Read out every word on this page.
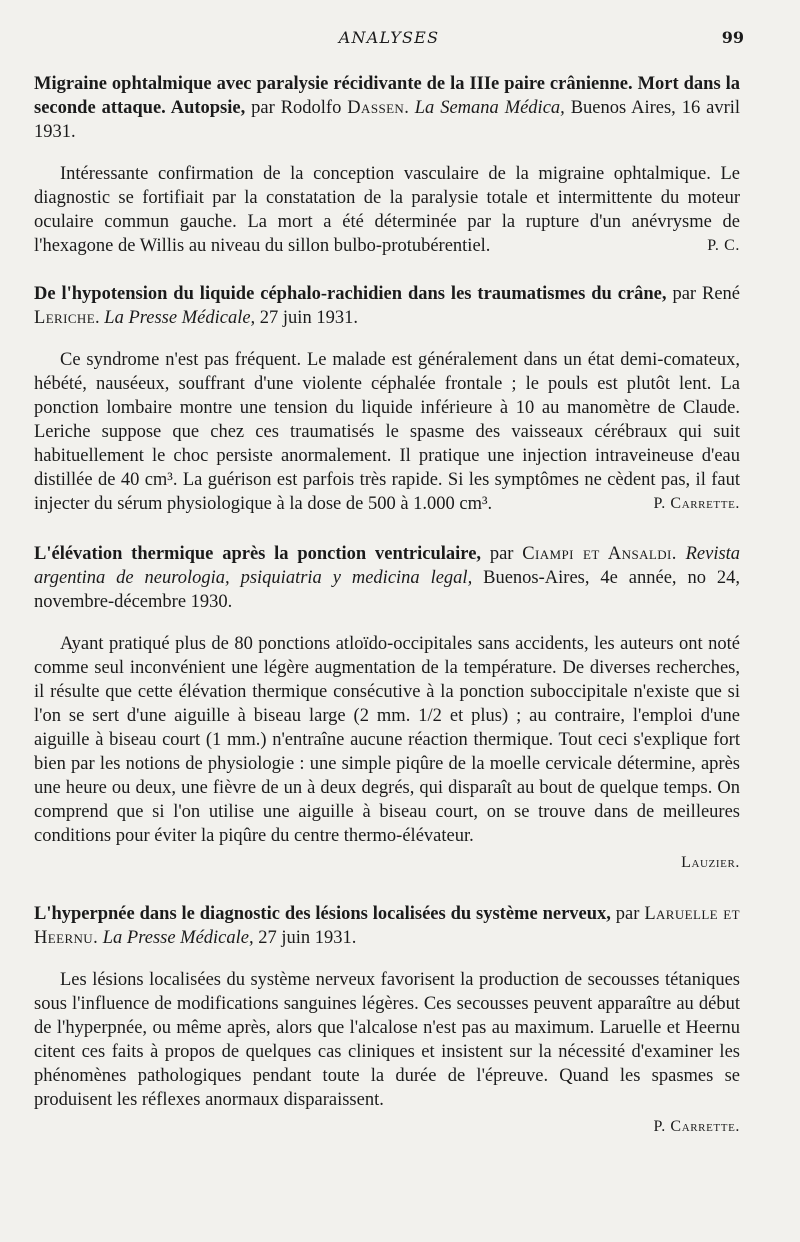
ANALYSES	99

Migraine ophtalmique avec paralysie récidivante de la IIIe paire crânienne. Mort dans la seconde attaque. Autopsie, par Rodolfo Dassen. La Semana Médica, Buenos Aires, 16 avril 1931.

Intéressante confirmation de la conception vasculaire de la migraine ophtalmique. Le diagnostic se fortifiait par la constatation de la paralysie totale et intermittente du moteur oculaire commun gauche. La mort a été déterminée par la rupture d'un anévrysme de l'hexagone de Willis au niveau du sillon bulbo-protubérentiel.	P. C.

De l'hypotension du liquide céphalo-rachidien dans les traumatismes du crâne, par René Leriche. La Presse Médicale, 27 juin 1931.

Ce syndrome n'est pas fréquent. Le malade est généralement dans un état demi-comateux, hébété, nauséeux, souffrant d'une violente céphalée frontale ; le pouls est plutôt lent. La ponction lombaire montre une tension du liquide inférieure à 10 au manomètre de Claude. Leriche suppose que chez ces traumatisés le spasme des vaisseaux cérébraux qui suit habituellement le choc persiste anormalement. Il pratique une injection intraveineuse d'eau distillée de 40 cm³. La guérison est parfois très rapide. Si les symptômes ne cèdent pas, il faut injecter du sérum physiologique à la dose de 500 à 1.000 cm³.	P. Carrette.

L'élévation thermique après la ponction ventriculaire, par Ciampi et Ansaldi. Revista argentina de neurologia, psiquiatria y medicina legal, Buenos-Aires, 4e année, no 24, novembre-décembre 1930.

Ayant pratiqué plus de 80 ponctions atloïdo-occipitales sans accidents, les auteurs ont noté comme seul inconvénient une légère augmentation de la température. De diverses recherches, il résulte que cette élévation thermique consécutive à la ponction suboccipitale n'existe que si l'on se sert d'une aiguille à biseau large (2 mm. 1/2 et plus) ; au contraire, l'emploi d'une aiguille à biseau court (1 mm.) n'entraîne aucune réaction thermique. Tout ceci s'explique fort bien par les notions de physiologie : une simple piqûre de la moelle cervicale détermine, après une heure ou deux, une fièvre de un à deux degrés, qui disparaît au bout de quelque temps. On comprend que si l'on utilise une aiguille à biseau court, on se trouve dans de meilleures conditions pour éviter la piqûre du centre thermo-élévateur.

Lauzier.

L'hyperpnée dans le diagnostic des lésions localisées du système nerveux, par Laruelle et Heernu. La Presse Médicale, 27 juin 1931.

Les lésions localisées du système nerveux favorisent la production de secousses tétaniques sous l'influence de modifications sanguines légères. Ces secousses peuvent apparaître au début de l'hyperpnée, ou même après, alors que l'alcalose n'est pas au maximum. Laruelle et Heernu citent ces faits à propos de quelques cas cliniques et insistent sur la nécessité d'examiner les phénomènes pathologiques pendant toute la durée de l'épreuve. Quand les spasmes se produisent les réflexes anormaux disparaissent.

P. Carrette.
